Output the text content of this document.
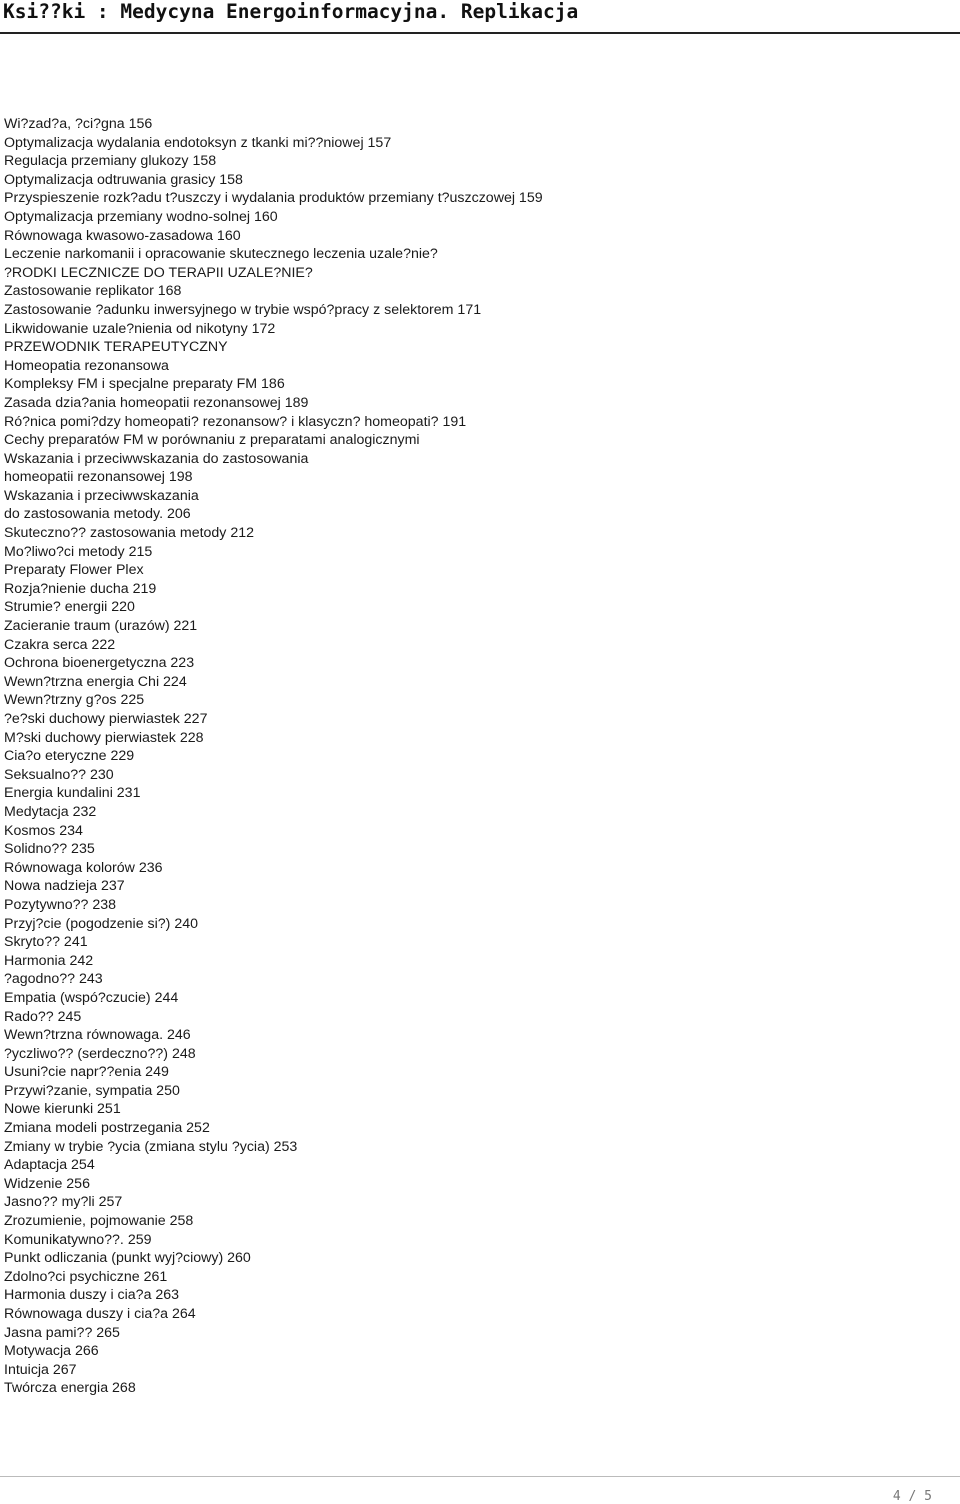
Ksi??ki : Medycyna Energoinformacyjna. Replikacja
Wi?zad?a, ?ci?gna 156
Optymalizacja wydalania endotoksyn z tkanki mi??niowej 157
Regulacja przemiany glukozy 158
Optymalizacja odtruwania grasicy 158
Przyspieszenie rozk?adu t?uszczy i wydalania produktów przemiany t?uszczowej 159
Optymalizacja przemiany wodno-solnej 160
Równowaga kwasowo-zasadowa 160
Leczenie narkomanii i opracowanie skutecznego leczenia uzale?nie?
?RODKI LECZNICZE DO TERAPII UZALE?NIE?
Zastosowanie replikator 168
Zastosowanie ?adunku inwersyjnego w trybie wspó?pracy z selektorem 171
Likwidowanie uzale?nienia od nikotyny 172
PRZEWODNIK TERAPEUTYCZNY
Homeopatia rezonansowa
Kompleksy FM i specjalne preparaty FM 186
Zasada dzia?ania homeopatii rezonansowej 189
Ró?nica pomi?dzy homeopati? rezonansow? i klasyczn? homeopati? 191
Cechy preparatów FM w porównaniu z preparatami analogicznymi
Wskazania i przeciwwskazania do zastosowania
homeopatii rezonansowej 198
Wskazania i przeciwwskazania
do zastosowania metody. 206
Skuteczno?? zastosowania metody 212
Mo?liwo?ci metody 215
Preparaty Flower Plex
Rozja?nienie ducha 219
Strumie? energii 220
Zacieranie traum (urazów) 221
Czakra serca 222
Ochrona bioenergetyczna 223
Wewn?trzna energia Chi 224
Wewn?trzny g?os 225
?e?ski duchowy pierwiastek 227
M?ski duchowy pierwiastek 228
Cia?o eteryczne 229
Seksualno?? 230
Energia kundalini 231
Medytacja 232
Kosmos 234
Solidno?? 235
Równowaga kolorów 236
Nowa nadzieja 237
Pozytywno?? 238
Przyj?cie (pogodzenie si?) 240
Skryto?? 241
Harmonia 242
?agodno?? 243
Empatia (wspó?czucie) 244
Rado?? 245
Wewn?trzna równowaga. 246
?yczliwo?? (serdeczno??) 248
Usuni?cie napr??enia 249
Przywi?zanie, sympatia 250
Nowe kierunki 251
Zmiana modeli postrzegania 252
Zmiany w trybie ?ycia (zmiana stylu ?ycia) 253
Adaptacja 254
Widzenie 256
Jasno?? my?li 257
Zrozumienie, pojmowanie 258
Komunikatywno??. 259
Punkt odliczania (punkt wyj?ciowy) 260
Zdolno?ci psychiczne 261
Harmonia duszy i cia?a 263
Równowaga duszy i cia?a 264
Jasna pami?? 265
Motywacja 266
Intuicja 267
Twórcza energia 268
4 / 5
